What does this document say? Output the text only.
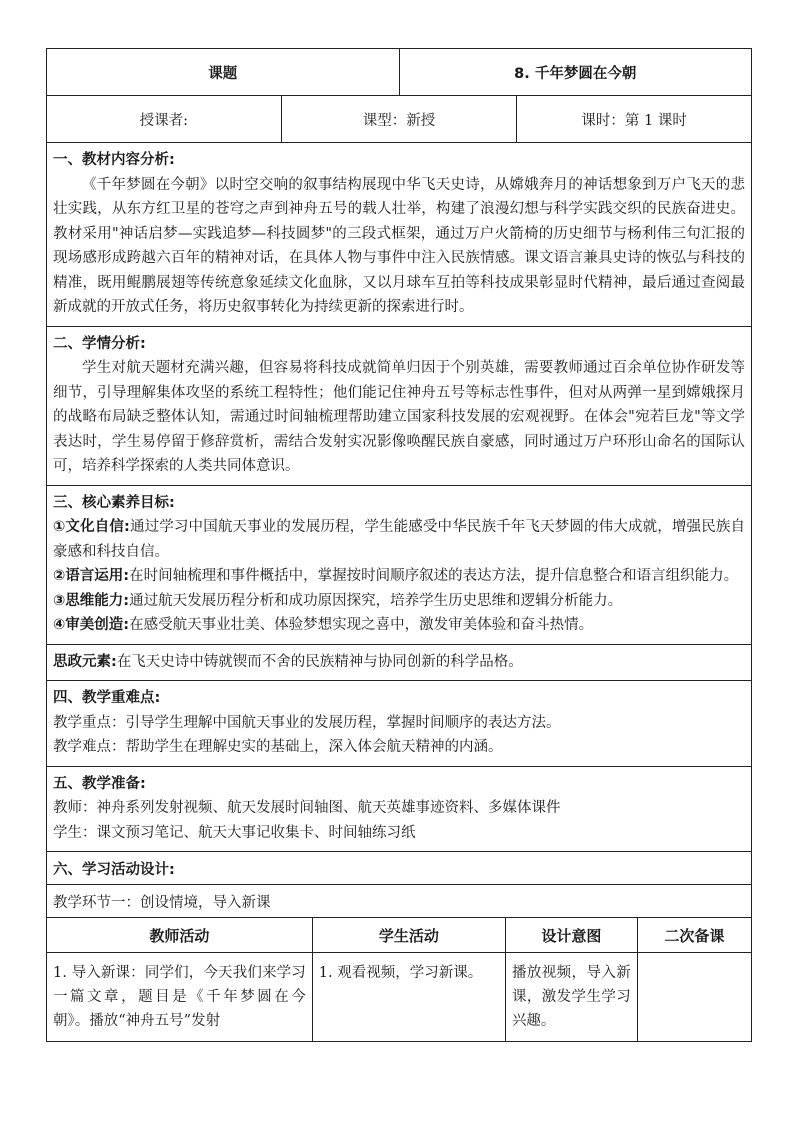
课题	8. 千年梦圆在今朝
授课者:	课型：新授	课时：第 1 课时

一、教材内容分析:

《千年梦圆在今朝》以时空交响的叙事结构展现中华飞天史诗，从嫦娥奔月的神话想象到万户飞天的悲壮实践，从东方红卫星的苍穹之声到神舟五号的载人壮举，构建了浪漫幻想与科学实践交织的民族奋进史。教材采用"神话启梦—实践追梦—科技圆梦"的三段式框架，通过万户火箭椅的历史细节与杨利伟三句汇报的现场感形成跨越六百年的精神对话，在具体人物与事件中注入民族情感。课文语言兼具史诗的恢弘与科技的精准，既用鲲鹏展翅等传统意象延续文化血脉，又以月球车互拍等科技成果彰显时代精神，最后通过查阅最新成就的开放式任务，将历史叙事转化为持续更新的探索进行时。

二、学情分析:

学生对航天题材充满兴趣，但容易将科技成就简单归因于个别英雄，需要教师通过百余单位协作研发等细节，引导理解集体攻坚的系统工程特性；他们能记住神舟五号等标志性事件，但对从两弹一星到嫦娥探月的战略布局缺乏整体认知，需通过时间轴梳理帮助建立国家科技发展的宏观视野。在体会"宛若巨龙"等文学表达时，学生易停留于修辞赏析，需结合发射实况影像唤醒民族自豪感，同时通过万户环形山命名的国际认可，培养科学探索的人类共同体意识。

三、核心素养目标:

①文化自信:通过学习中国航天事业的发展历程，学生能感受中华民族千年飞天梦圆的伟大成就，增强民族自豪感和科技自信。

②语言运用:在时间轴梳理和事件概括中，掌握按时间顺序叙述的表达方法，提升信息整合和语言组织能力。

③思维能力:通过航天发展历程分析和成功原因探究，培养学生历史思维和逻辑分析能力。

④审美创造:在感受航天事业壮美、体验梦想实现之喜中，激发审美体验和奋斗热情。

思政元素:在飞天史诗中铸就锲而不舍的民族精神与协同创新的科学品格。

四、教学重难点:

教学重点：引导学生理解中国航天事业的发展历程，掌握时间顺序的表达方法。

教学难点：帮助学生在理解史实的基础上，深入体会航天精神的内涵。

五、教学准备:

教师：神舟系列发射视频、航天发展时间轴图、航天英雄事迹资料、多媒体课件

学生：课文预习笔记、航天大事记收集卡、时间轴练习纸

六、学习活动设计:
教学环节一：创设情境，导入新课
教师活动	学生活动	设计意图	二次备课
1. 导入新课：同学们，今天我们来学习一篇文章，题目是《千年梦圆在今朝》。播放“神舟五号”发射	1. 观看视频，学习新课。	播放视频，导入新课，激发学生学习兴趣。	
